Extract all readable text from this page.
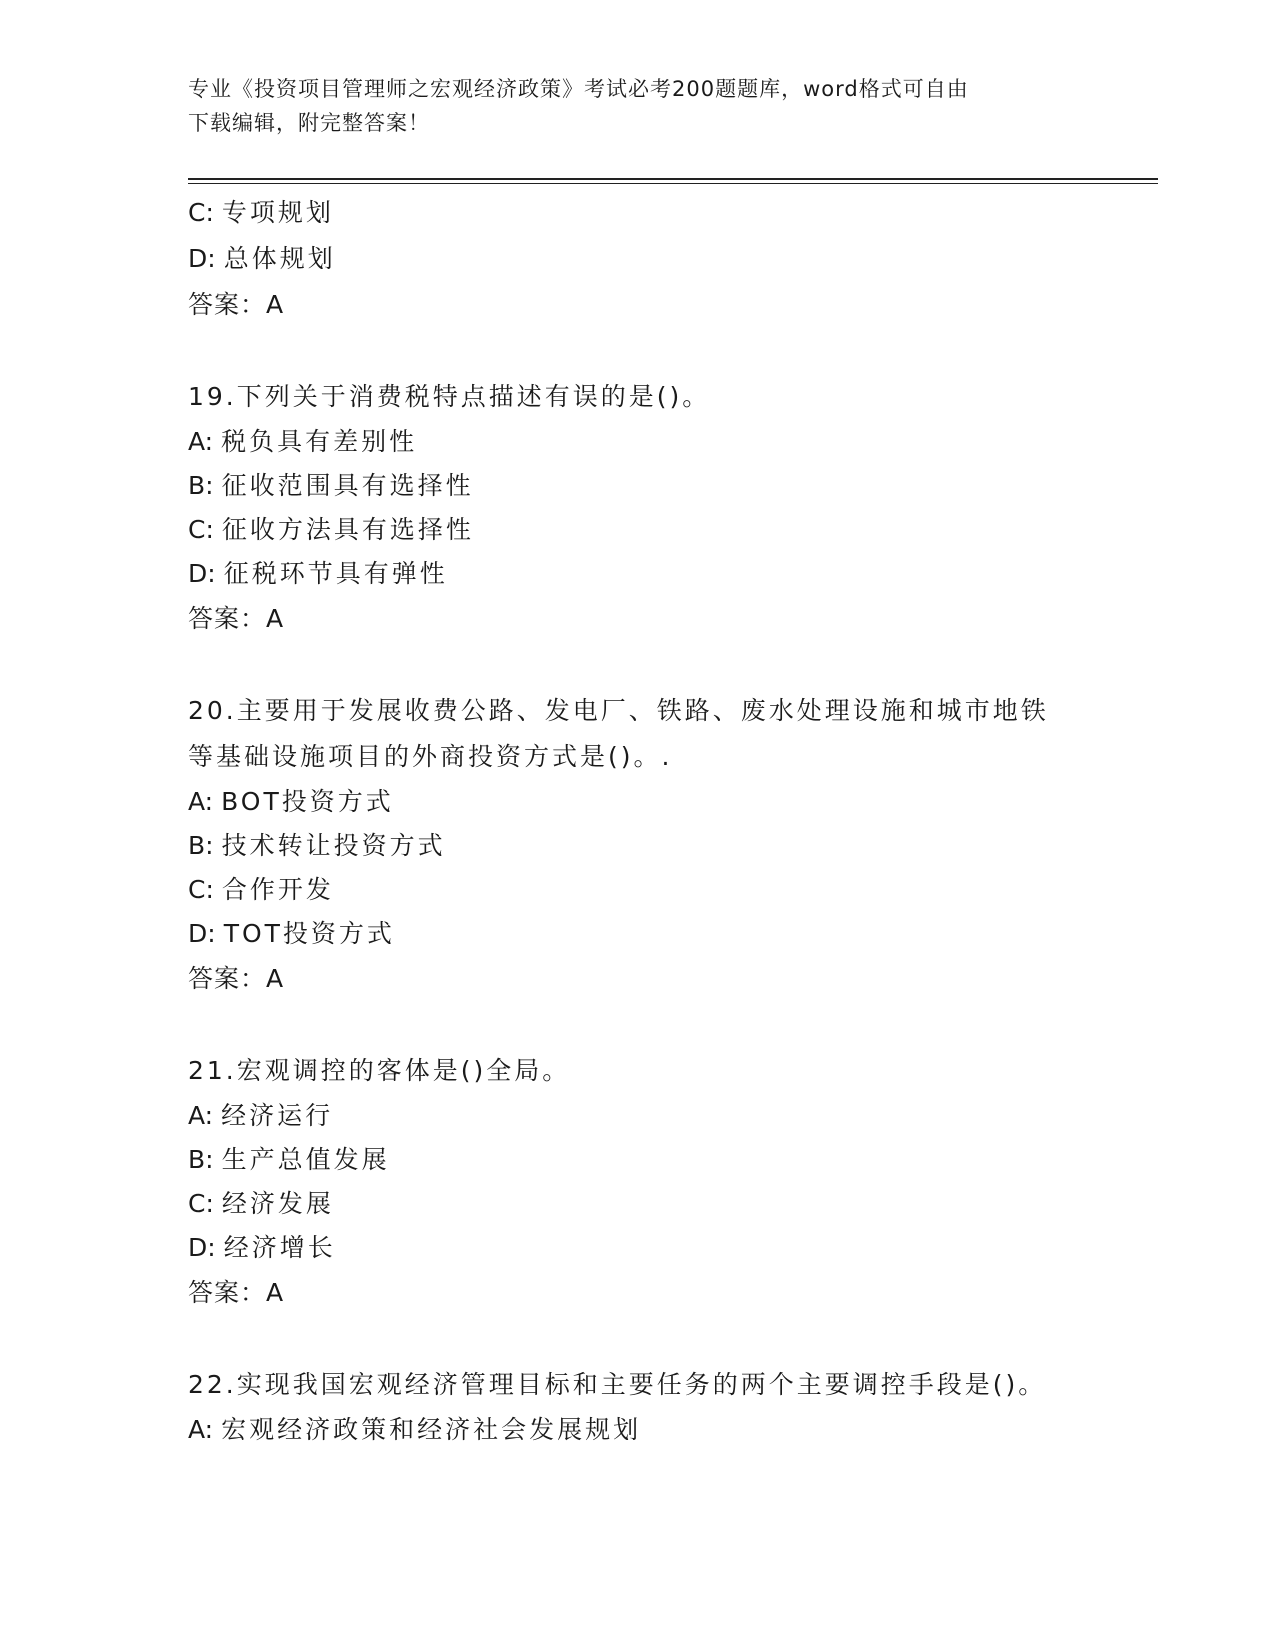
专业《投资项目管理师之宏观经济政策》考试必考200题题库，word格式可自由
下载编辑，附完整答案！
C: 专项规划
D: 总体规划
答案：A
19.下列关于消费税特点描述有误的是()。
A: 税负具有差别性
B: 征收范围具有选择性
C: 征收方法具有选择性
D: 征税环节具有弹性
答案：A
20.主要用于发展收费公路、发电厂、铁路、废水处理设施和城市地铁
等基础设施项目的外商投资方式是()。.
A: BOT投资方式
B: 技术转让投资方式
C: 合作开发
D: TOT投资方式
答案：A
21.宏观调控的客体是()全局。
A: 经济运行
B: 生产总值发展
C: 经济发展
D: 经济增长
答案：A
22.实现我国宏观经济管理目标和主要任务的两个主要调控手段是()。
A: 宏观经济政策和经济社会发展规划
